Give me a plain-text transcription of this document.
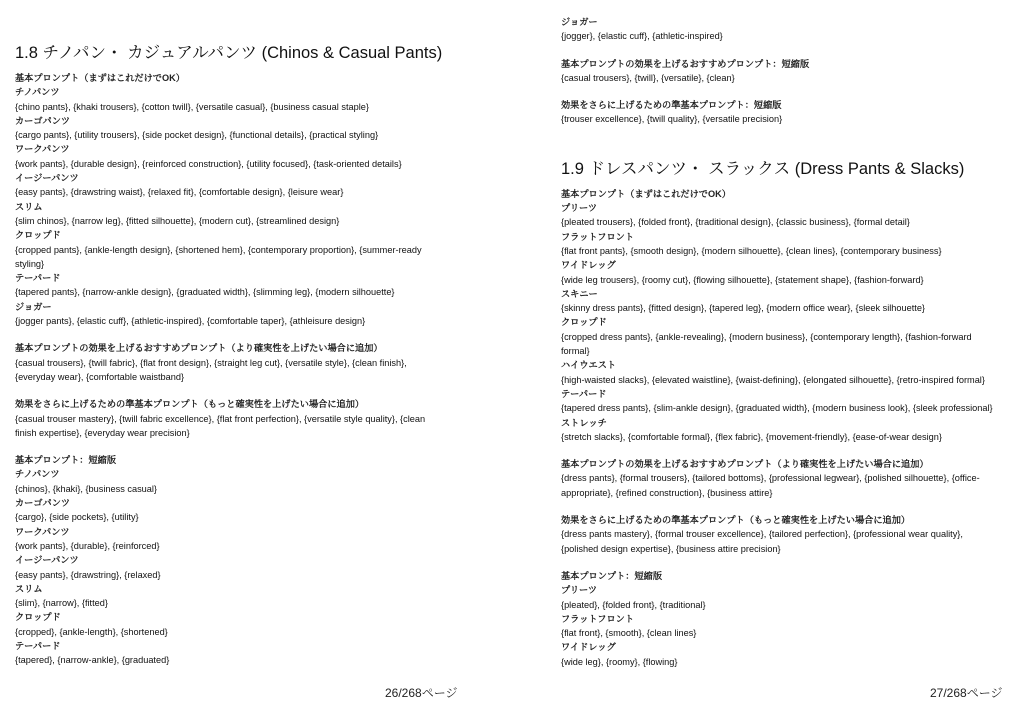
1.8 チノパン・ カジュアルパンツ (Chinos & Casual Pants)
基本プロンプト（まずはこれだけでOK）
チノパンツ
{chino pants}, {khaki trousers}, {cotton twill}, {versatile casual}, {business casual staple}
カーゴパンツ
{cargo pants}, {utility trousers}, {side pocket design}, {functional details}, {practical styling}
ワークパンツ
{work pants}, {durable design}, {reinforced construction}, {utility focused}, {task-oriented details}
イージーパンツ
{easy pants}, {drawstring waist}, {relaxed fit}, {comfortable design}, {leisure wear}
スリム
{slim chinos}, {narrow leg}, {fitted silhouette}, {modern cut}, {streamlined design}
クロップド
{cropped pants}, {ankle-length design}, {shortened hem}, {contemporary proportion}, {summer-ready styling}
テーパード
{tapered pants}, {narrow-ankle design}, {graduated width}, {slimming leg}, {modern silhouette}
ジョガー
{jogger pants}, {elastic cuff}, {athletic-inspired}, {comfortable taper}, {athleisure design}
基本プロンプトの効果を上げるおすすめプロンプト（より確実性を上げたい場合に追加）
{casual trousers}, {twill fabric}, {flat front design}, {straight leg cut}, {versatile style}, {clean finish}, {everyday wear}, {comfortable waistband}
効果をさらに上げるための準基本プロンプト（もっと確実性を上げたい場合に追加）
{casual trouser mastery}, {twill fabric excellence}, {flat front perfection}, {versatile style quality}, {clean finish expertise}, {everyday wear precision}
基本プロンプト：短縮版
チノパンツ
{chinos}, {khaki}, {business casual}
カーゴパンツ
{cargo}, {side pockets}, {utility}
ワークパンツ
{work pants}, {durable}, {reinforced}
イージーパンツ
{easy pants}, {drawstring}, {relaxed}
スリム
{slim}, {narrow}, {fitted}
クロップド
{cropped}, {ankle-length}, {shortened}
テーパード
{tapered}, {narrow-ankle}, {graduated}
26/268ページ
ジョガー
{jogger}, {elastic cuff}, {athletic-inspired}
基本プロンプトの効果を上げるおすすめプロンプト：短縮版
{casual trousers}, {twill}, {versatile}, {clean}
効果をさらに上げるための準基本プロンプト：短縮版
{trouser excellence}, {twill quality}, {versatile precision}
1.9 ドレスパンツ・ スラックス (Dress Pants & Slacks)
基本プロンプト（まずはこれだけでOK）
プリーツ
{pleated trousers}, {folded front}, {traditional design}, {classic business}, {formal detail}
フラットフロント
{flat front pants}, {smooth design}, {modern silhouette}, {clean lines}, {contemporary business}
ワイドレッグ
{wide leg trousers}, {roomy cut}, {flowing silhouette}, {statement shape}, {fashion-forward}
スキニー
{skinny dress pants}, {fitted design}, {tapered leg}, {modern office wear}, {sleek silhouette}
クロップド
{cropped dress pants}, {ankle-revealing}, {modern business}, {contemporary length}, {fashion-forward formal}
ハイウエスト
{high-waisted slacks}, {elevated waistline}, {waist-defining}, {elongated silhouette}, {retro-inspired formal}
テーパード
{tapered dress pants}, {slim-ankle design}, {graduated width}, {modern business look}, {sleek professional}
ストレッチ
{stretch slacks}, {comfortable formal}, {flex fabric}, {movement-friendly}, {ease-of-wear design}
基本プロンプトの効果を上げるおすすめプロンプト（より確実性を上げたい場合に追加）
{dress pants}, {formal trousers}, {tailored bottoms}, {professional legwear}, {polished silhouette}, {office-appropriate}, {refined construction}, {business attire}
効果をさらに上げるための準基本プロンプト（もっと確実性を上げたい場合に追加）
{dress pants mastery}, {formal trouser excellence}, {tailored perfection}, {professional wear quality}, {polished design expertise}, {business attire precision}
基本プロンプト：短縮版
プリーツ
{pleated}, {folded front}, {traditional}
フラットフロント
{flat front}, {smooth}, {clean lines}
ワイドレッグ
{wide leg}, {roomy}, {flowing}
27/268ページ
